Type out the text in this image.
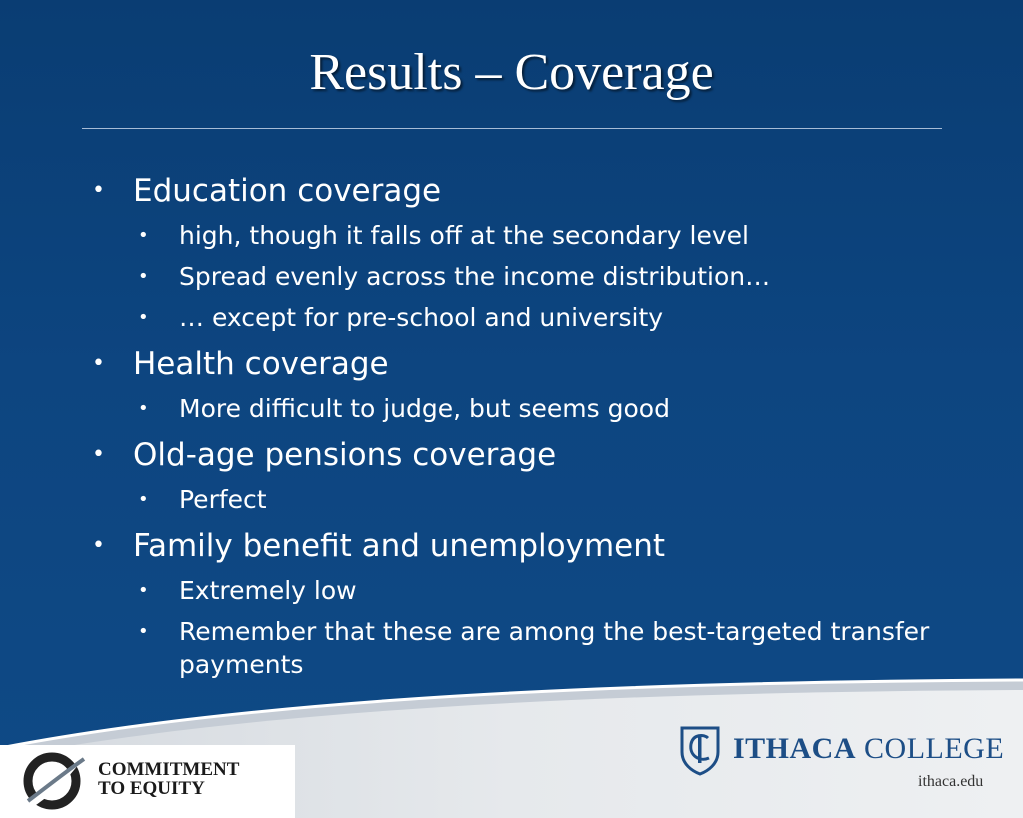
Results – Coverage
• Education coverage
• high, though it falls off at the secondary level
• Spread evenly across the income distribution…
• … except for pre-school and university
• Health coverage
• More difficult to judge, but seems good
• Old-age pensions coverage
• Perfect
• Family benefit and unemployment
• Extremely low
• Remember that these are among the best-targeted transfer payments
COMMITMENT
TO EQUITY
ITHACA COLLEGE
ithaca.edu
